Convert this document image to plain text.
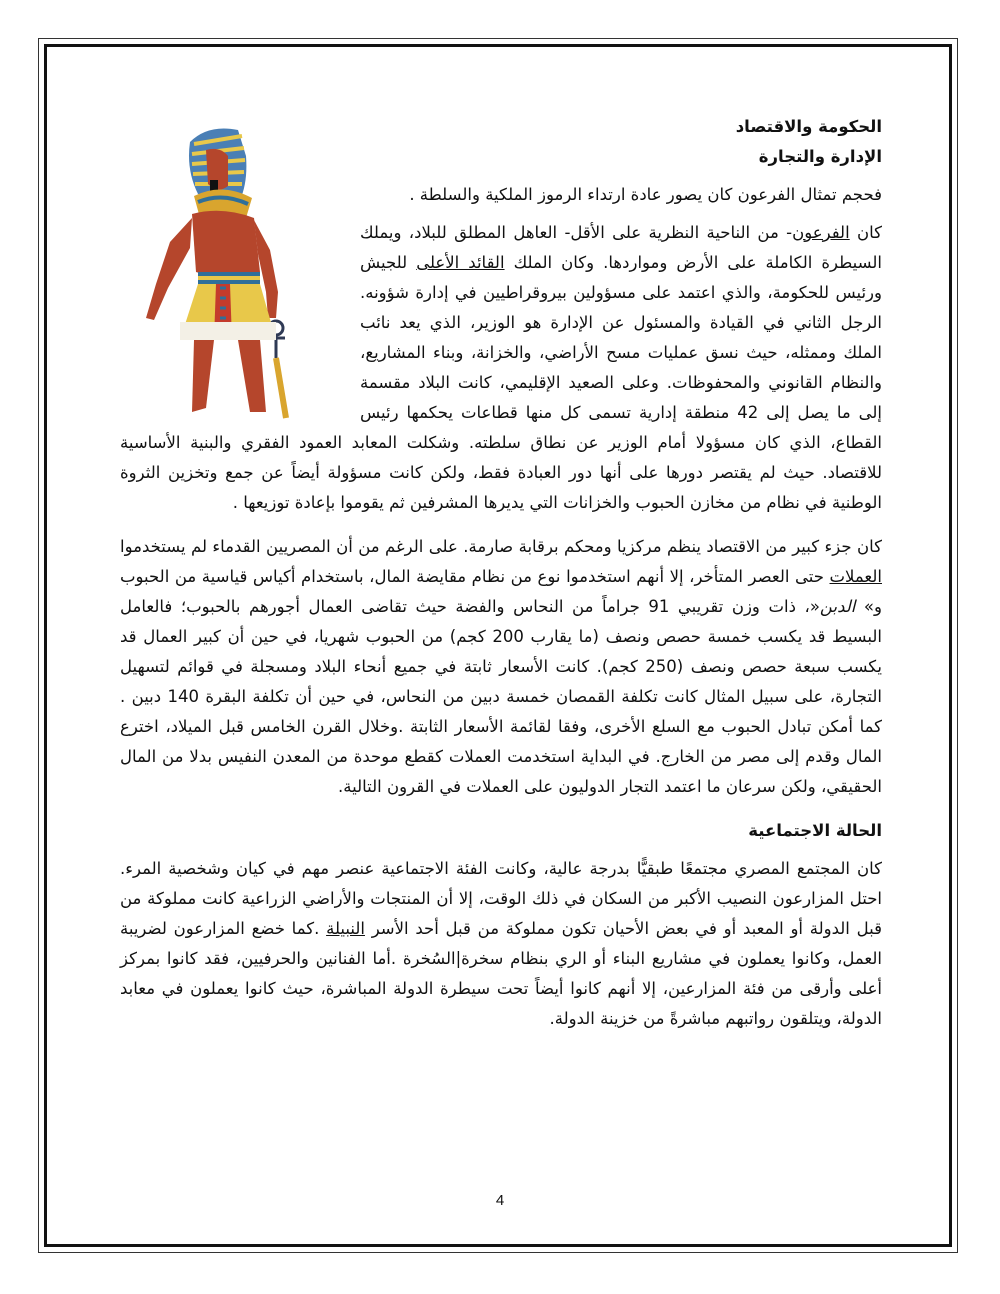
الحكومة والاقتصاد

الإدارة والتجارة

فحجم تمثال الفرعون كان يصور عادة ارتداء الرموز الملكية والسلطة .

كان الفرعون- من الناحية النظرية على الأقل- العاهل المطلق للبلاد، ويملك السيطرة الكاملة على الأرض ومواردها. وكان الملك القائد الأعلى للجيش ورئيس للحكومة، والذي اعتمد على مسؤولين بيروقراطيين في إدارة شؤونه. الرجل الثاني في القيادة والمسئول عن الإدارة هو الوزير، الذي يعد نائب الملك وممثله، حيث نسق عمليات مسح الأراضي، والخزانة، وبناء المشاريع، والنظام القانوني والمحفوظات. وعلى الصعيد الإقليمي، كانت البلاد مقسمة إلى ما يصل إلى 42 منطقة إدارية تسمى كل منها قطاعات يحكمها رئيس القطاع، الذي كان مسؤولا أمام الوزير عن نطاق سلطته. وشكلت المعابد العمود الفقري والبنية الأساسية للاقتصاد. حيث لم يقتصر دورها على أنها دور العبادة فقط، ولكن كانت مسؤولة أيضاً عن جمع وتخزين الثروة الوطنية في نظام من مخازن الحبوب والخزانات التي يديرها المشرفين ثم يقوموا بإعادة توزيعها .

كان جزء كبير من الاقتصاد ينظم مركزيا ومحكم برقابة صارمة. على الرغم من أن المصريين القدماء لم يستخدموا العملات حتى العصر المتأخر، إلا أنهم استخدموا نوع من نظام مقايضة المال، باستخدام أكياس قياسية من الحبوب و» الدبن«، ذات وزن تقريبي 91 جراماً من النحاس والفضة حيث تقاضى العمال أجورهم بالحبوب؛ فالعامل البسيط قد يكسب خمسة حصص ونصف (ما يقارب 200 كجم) من الحبوب شهريا، في حين أن كبير العمال قد يكسب سبعة حصص ونصف (250 كجم). كانت الأسعار ثابتة في جميع أنحاء البلاد ومسجلة في قوائم لتسهيل التجارة، على سبيل المثال كانت تكلفة القمصان خمسة دبين من النحاس، في حين أن تكلفة البقرة 140 دبين . كما أمكن تبادل الحبوب مع السلع الأخرى، وفقا لقائمة الأسعار الثابتة .وخلال القرن الخامس قبل الميلاد، اخترع المال وقدم إلى مصر من الخارج. في البداية استخدمت العملات كقطع موحدة من المعدن النفيس بدلا من المال الحقيقي، ولكن سرعان ما اعتمد التجار الدوليون على العملات في القرون التالية.

الحالة الاجتماعية

كان المجتمع المصري مجتمعًا طبقيًّا بدرجة عالية، وكانت الفئة الاجتماعية عنصر مهم في كيان وشخصية المرء. احتل المزارعون النصيب الأكبر من السكان في ذلك الوقت، إلا أن المنتجات والأراضي الزراعية كانت مملوكة من قبل الدولة أو المعبد أو في بعض الأحيان تكون مملوكة من قبل أحد الأسر النبيلة .كما خضع المزارعون لضريبة العمل، وكانوا يعملون في مشاريع البناء أو الري بنظام سخرة|السُخرة .أما الفنانين والحرفيين، فقد كانوا بمركز أعلى وأرقى من فئة المزارعين، إلا أنهم كانوا أيضاً تحت سيطرة الدولة المباشرة، حيث كانوا يعملون في معابد الدولة، ويتلقون رواتبهم مباشرةً من خزينة الدولة.

4
